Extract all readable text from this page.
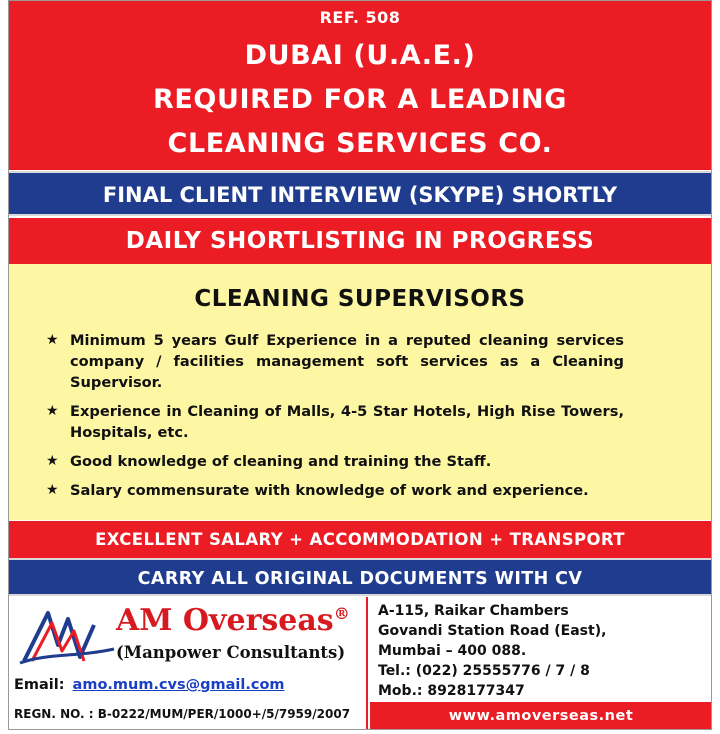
REF. 508
DUBAI (U.A.E.)
REQUIRED FOR A LEADING
CLEANING SERVICES CO.
FINAL CLIENT INTERVIEW (SKYPE) SHORTLY
DAILY SHORTLISTING IN PROGRESS
CLEANING SUPERVISORS
★ Minimum 5 years Gulf Experience in a reputed cleaning services company / facilities management soft services as a Cleaning Supervisor.
★ Experience in Cleaning of Malls, 4-5 Star Hotels, High Rise Towers, Hospitals, etc.
★ Good knowledge of cleaning and training the Staff.
★ Salary commensurate with knowledge of work and experience.
EXCELLENT SALARY + ACCOMMODATION + TRANSPORT
CARRY ALL ORIGINAL DOCUMENTS WITH CV
AM Overseas®
(Manpower Consultants)
Email: amo.mum.cvs@gmail.com
REGN. NO. : B-0222/MUM/PER/1000+/5/7959/2007
A-115, Raikar Chambers
Govandi Station Road (East),
Mumbai – 400 088.
Tel.: (022) 25555776 / 7 / 8
Mob.: 8928177347
www.amoverseas.net
